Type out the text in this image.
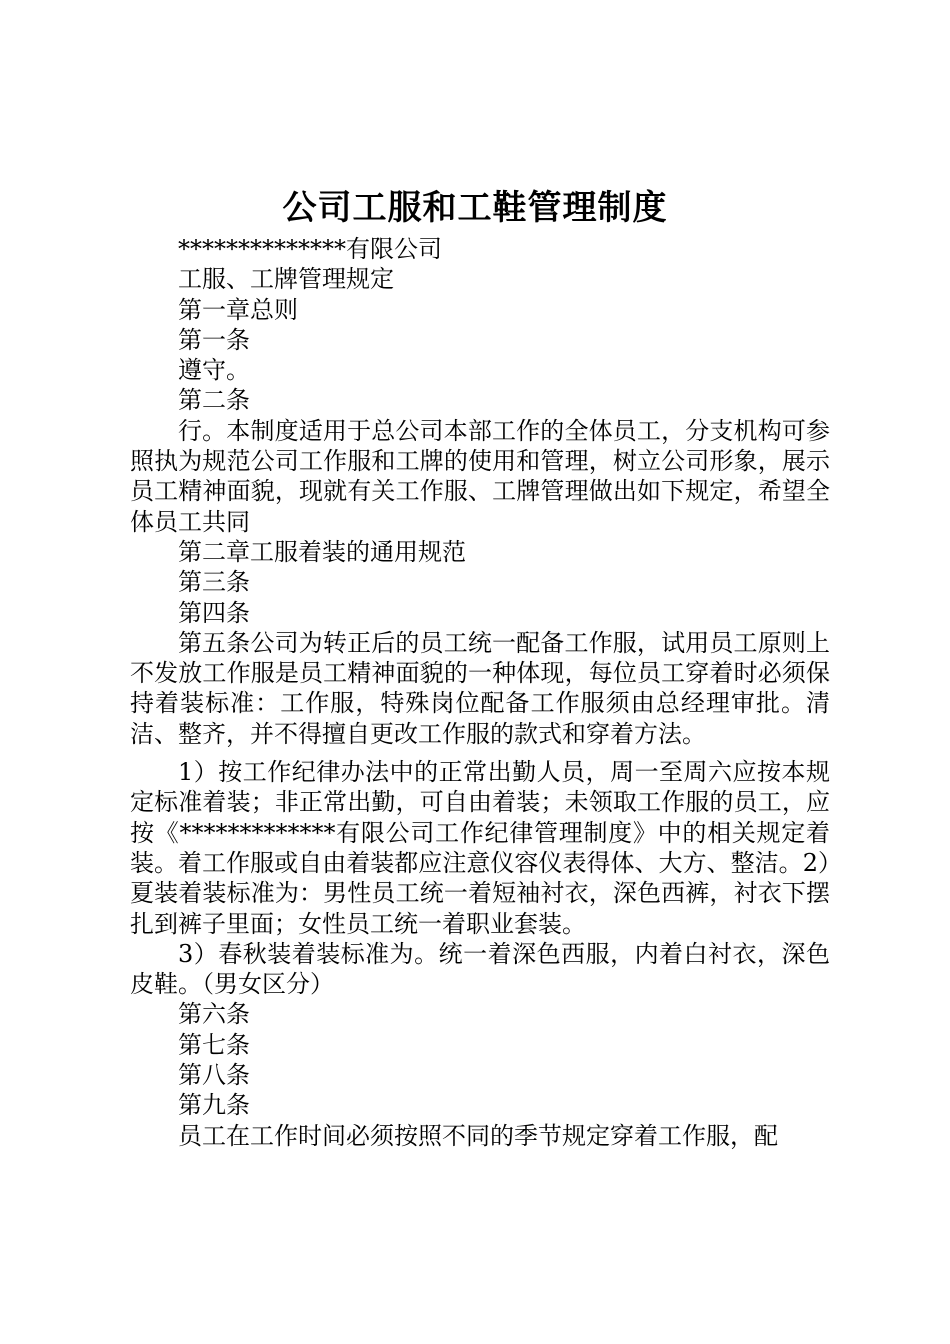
公司工服和工鞋管理制度

**************有限公司

工服、工牌管理规定

第一章总则

第一条

遵守。

第二条

行。本制度适用于总公司本部工作的全体员工，分支机构可参照执为规范公司工作服和工牌的使用和管理，树立公司形象，展示员工精神面貌，现就有关工作服、工牌管理做出如下规定，希望全体员工共同

第二章工服着装的通用规范

第三条

第四条

第五条公司为转正后的员工统一配备工作服，试用员工原则上不发放工作服是员工精神面貌的一种体现，每位员工穿着时必须保持着装标准：工作服，特殊岗位配备工作服须由总经理审批。清洁、整齐，并不得擅自更改工作服的款式和穿着方法。

1）按工作纪律办法中的正常出勤人员，周一至周六应按本规定标准着装；非正常出勤，可自由着装；未领取工作服的员工，应按《*************有限公司工作纪律管理制度》中的相关规定着装。着工作服或自由着装都应注意仪容仪表得体、大方、整洁。2）夏装着装标准为：男性员工统一着短袖衬衣，深色西裤，衬衣下摆扎到裤子里面；女性员工统一着职业套装。

3）春秋装着装标准为。统一着深色西服，内着白衬衣，深色皮鞋。（男女区分）

第六条

第七条

第八条

第九条

员工在工作时间必须按照不同的季节规定穿着工作服，配
